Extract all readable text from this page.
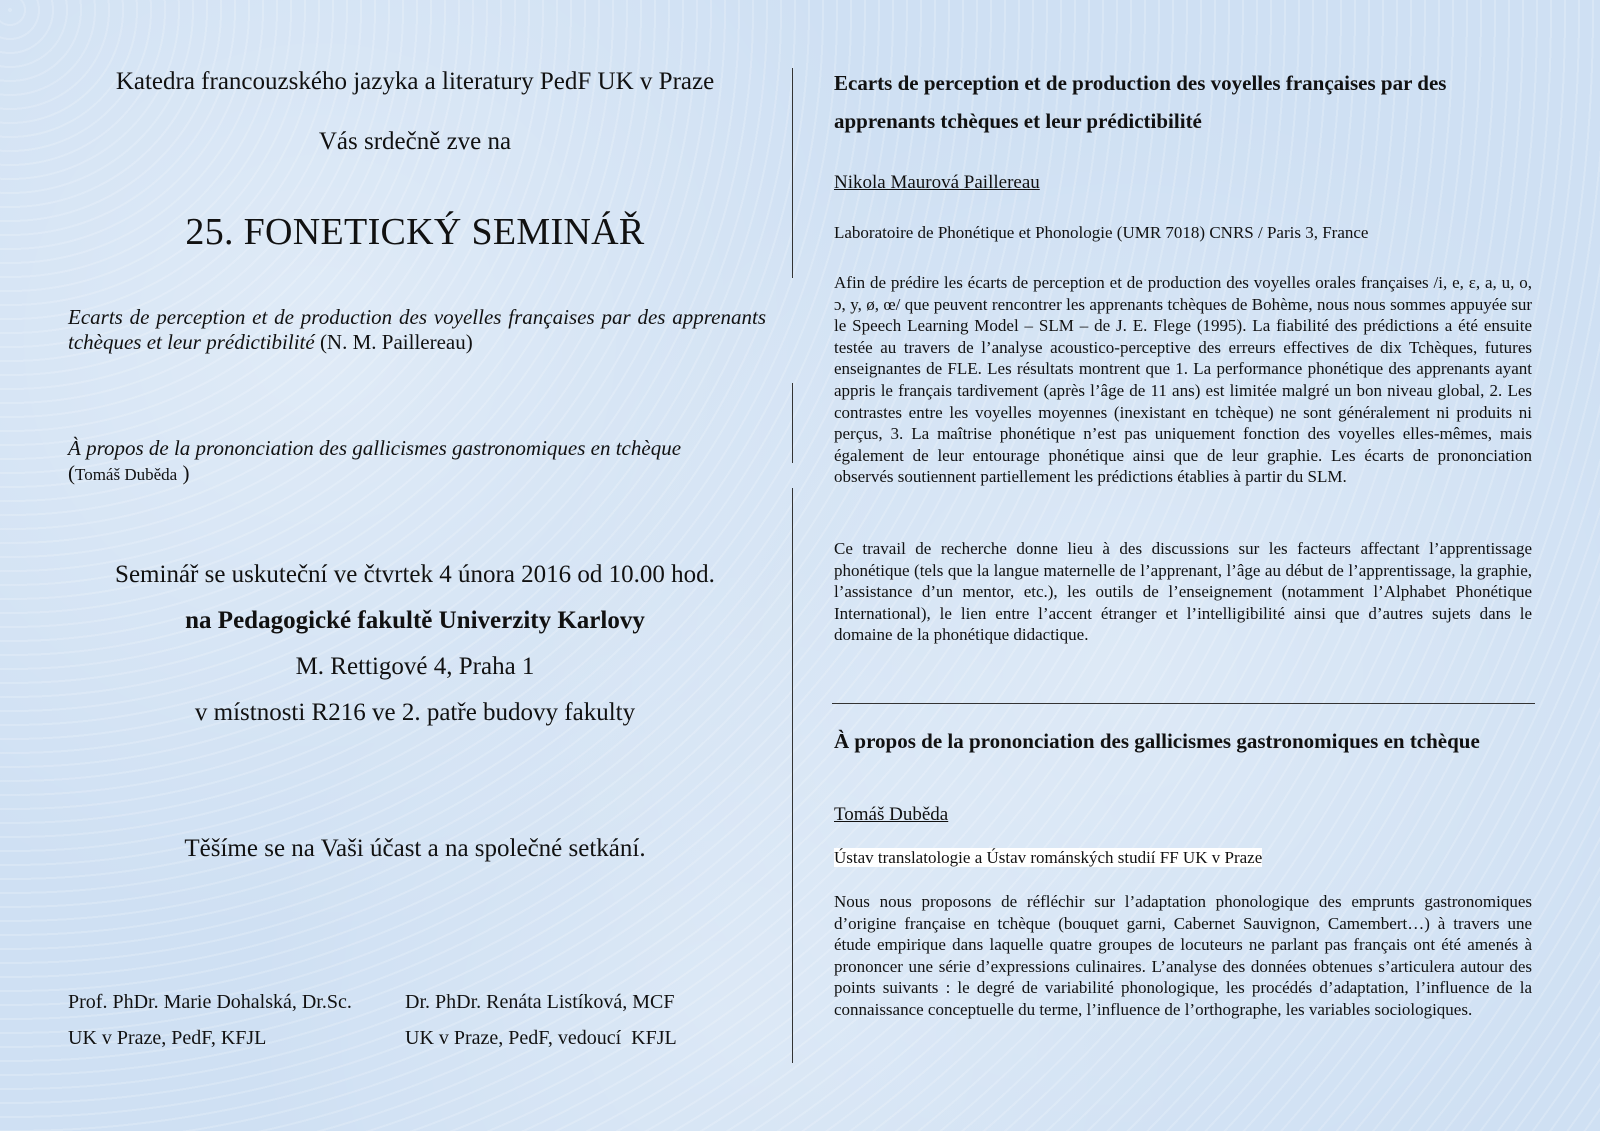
Katedra francouzského jazyka a literatury PedF UK v Praze

Vás srdečně zve na

25. FONETICKÝ SEMINÁŘ

Ecarts de perception et de production des voyelles françaises par des apprenants tchèques et leur prédictibilité (N. M. Paillereau)

À propos de la prononciation des gallicismes gastronomiques en tchèque
(Tomáš Duběda )

Seminář se uskuteční ve čtvrtek 4 února 2016 od 10.00 hod.

na Pedagogické fakultě Univerzity Karlovy

M. Rettigové 4, Praha 1

v místnosti R216 ve 2. patře budovy fakulty

Těšíme se na Vaši účast a na společné setkání.

Prof. PhDr. Marie Dohalská, Dr.Sc.
UK v Praze, PedF, KFJL
Dr. PhDr. Renáta Listíková, MCF
UK v Praze, PedF, vedoucí  KFJL
Ecarts de perception et de production des voyelles françaises par des apprenants tchèques et leur prédictibilité
Nikola Maurová Paillereau
Laboratoire de Phonétique et Phonologie (UMR 7018) CNRS / Paris 3, France
Afin de prédire les écarts de perception et de production des voyelles orales françaises /i, e, ɛ, a, u, o, ɔ, y, ø, œ/ que peuvent rencontrer les apprenants tchèques de Bohème, nous nous sommes appuyée sur le Speech Learning Model – SLM – de J. E. Flege (1995). La fiabilité des prédictions a été ensuite testée au travers de l’analyse acoustico-perceptive des erreurs effectives de dix Tchèques, futures enseignantes de FLE. Les résultats montrent que 1. La performance phonétique des apprenants ayant appris le français tardivement (après l’âge de 11 ans) est limitée malgré un bon niveau global, 2. Les contrastes entre les voyelles moyennes (inexistant en tchèque) ne sont généralement ni produits ni perçus, 3. La maîtrise phonétique n’est pas uniquement fonction des voyelles elles-mêmes, mais également de leur entourage phonétique ainsi que de leur graphie. Les écarts de prononciation observés soutiennent partiellement les prédictions établies à partir du SLM.
Ce travail de recherche donne lieu à des discussions sur les facteurs affectant l’apprentissage phonétique (tels que la langue maternelle de l’apprenant, l’âge au début de l’apprentissage, la graphie, l’assistance d’un mentor, etc.), les outils de l’enseignement (notamment l’Alphabet Phonétique International), le lien entre l’accent étranger et l’intelligibilité ainsi que d’autres sujets dans le domaine de la phonétique didactique.
À propos de la prononciation des gallicismes gastronomiques en tchèque
Tomáš Duběda
Ústav translatologie a Ústav románských studií FF UK v Praze
Nous nous proposons de réfléchir sur l’adaptation phonologique des emprunts gastronomiques d’origine française en tchèque (bouquet garni, Cabernet Sauvignon, Camembert…) à travers une étude empirique dans laquelle quatre groupes de locuteurs ne parlant pas français ont été amenés à prononcer une série d’expressions culinaires. L’analyse des données obtenues s’articulera autour des points suivants : le degré de variabilité phonologique, les procédés d’adaptation, l’influence de la connaissance conceptuelle du terme, l’influence de l’orthographe, les variables sociologiques.
